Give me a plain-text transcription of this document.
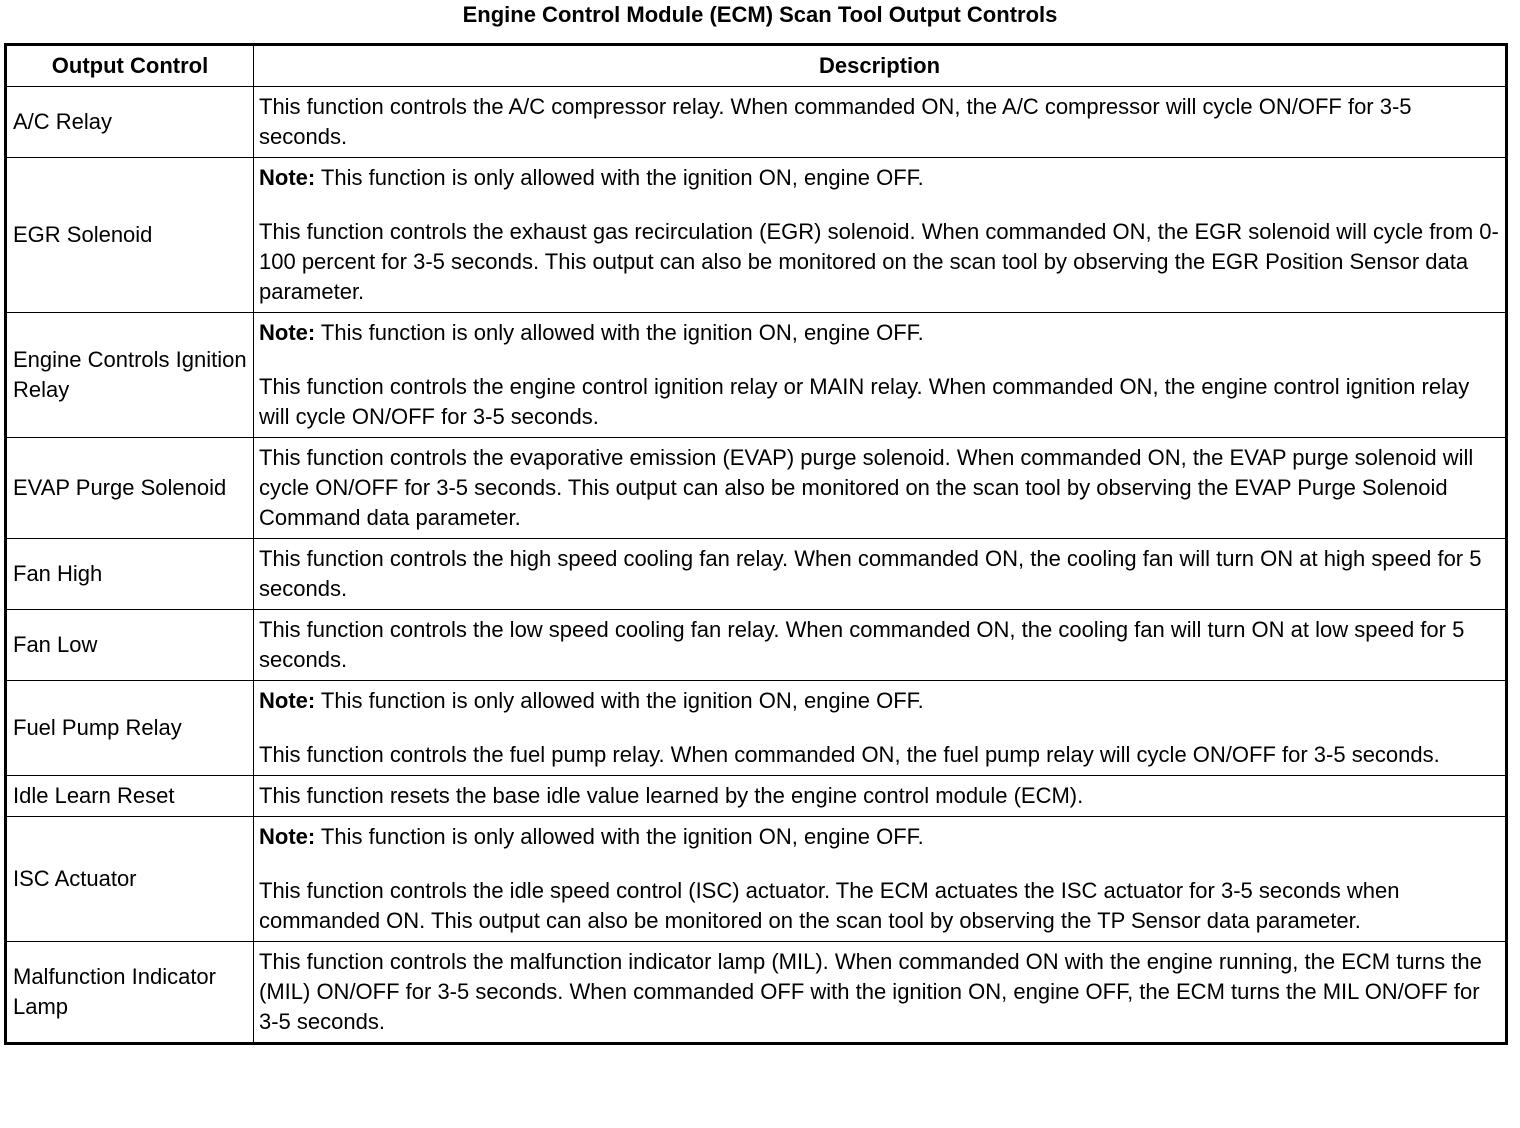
Engine Control Module (ECM) Scan Tool Output Controls
Output Control	Description
A/C Relay	This function controls the A/C compressor relay. When commanded ON, the A/C compressor will cycle ON/OFF for 3-5 seconds.
EGR Solenoid	Note: This function is only allowed with the ignition ON, engine OFF.
This function controls the exhaust gas recirculation (EGR) solenoid. When commanded ON, the EGR solenoid will cycle from 0-100 percent for 3-5 seconds. This output can also be monitored on the scan tool by observing the EGR Position Sensor data parameter.

Engine Controls Ignition Relay	Note: This function is only allowed with the ignition ON, engine OFF.
This function controls the engine control ignition relay or MAIN relay. When commanded ON, the engine control ignition relay will cycle ON/OFF for 3-5 seconds.

EVAP Purge Solenoid	This function controls the evaporative emission (EVAP) purge solenoid. When commanded ON, the EVAP purge solenoid will cycle ON/OFF for 3-5 seconds. This output can also be monitored on the scan tool by observing the EVAP Purge Solenoid Command data parameter.
Fan High	This function controls the high speed cooling fan relay. When commanded ON, the cooling fan will turn ON at high speed for 5 seconds.
Fan Low	This function controls the low speed cooling fan relay. When commanded ON, the cooling fan will turn ON at low speed for 5 seconds.
Fuel Pump Relay	Note: This function is only allowed with the ignition ON, engine OFF.
This function controls the fuel pump relay. When commanded ON, the fuel pump relay will cycle ON/OFF for 3-5 seconds.

Idle Learn Reset	This function resets the base idle value learned by the engine control module (ECM).
ISC Actuator	Note: This function is only allowed with the ignition ON, engine OFF.
This function controls the idle speed control (ISC) actuator. The ECM actuates the ISC actuator for 3-5 seconds when commanded ON. This output can also be monitored on the scan tool by observing the TP Sensor data parameter.

Malfunction Indicator Lamp	This function controls the malfunction indicator lamp (MIL). When commanded ON with the engine running, the ECM turns the (MIL) ON/OFF for 3-5 seconds. When commanded OFF with the ignition ON, engine OFF, the ECM turns the MIL ON/OFF for 3-5 seconds.
